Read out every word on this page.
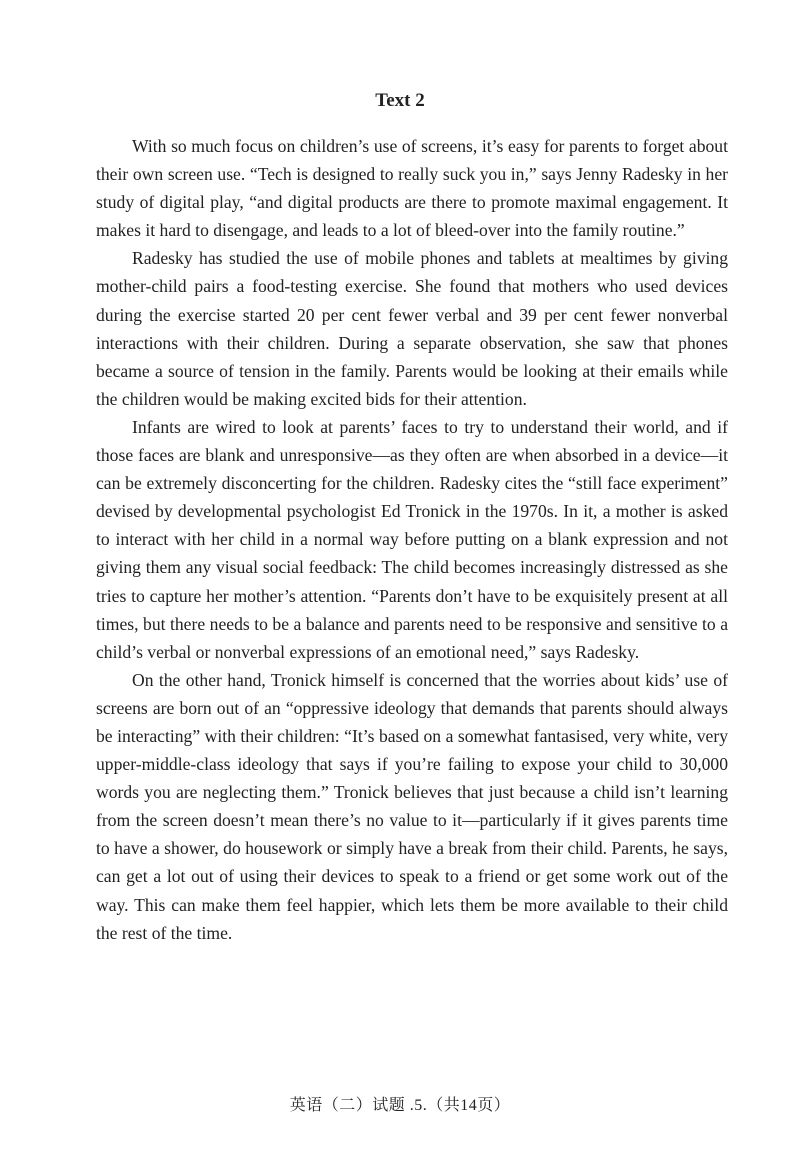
Text 2

With so much focus on children’s use of screens, it’s easy for parents to forget about their own screen use. “Tech is designed to really suck you in,” says Jenny Radesky in her study of digital play, “and digital products are there to promote maximal engagement. It makes it hard to disengage, and leads to a lot of bleed-over into the family routine.”

Radesky has studied the use of mobile phones and tablets at mealtimes by giving mother-child pairs a food-testing exercise. She found that mothers who used devices during the exercise started 20 per cent fewer verbal and 39 per cent fewer nonverbal interactions with their children. During a separate observation, she saw that phones became a source of tension in the family. Parents would be looking at their emails while the children would be making excited bids for their attention.

Infants are wired to look at parents’ faces to try to understand their world, and if those faces are blank and unresponsive—as they often are when absorbed in a device—it can be extremely disconcerting for the children. Radesky cites the “still face experiment” devised by developmental psychologist Ed Tronick in the 1970s. In it, a mother is asked to interact with her child in a normal way before putting on a blank expression and not giving them any visual social feedback: The child becomes increasingly distressed as she tries to capture her mother’s attention. “Parents don’t have to be exquisitely present at all times, but there needs to be a balance and parents need to be responsive and sensitive to a child’s verbal or nonverbal expressions of an emotional need,” says Radesky.

On the other hand, Tronick himself is concerned that the worries about kids’ use of screens are born out of an “oppressive ideology that demands that parents should always be interacting” with their children: “It’s based on a somewhat fantasised, very white, very upper-middle-class ideology that says if you’re failing to expose your child to 30,000 words you are neglecting them.” Tronick believes that just because a child isn’t learning from the screen doesn’t mean there’s no value to it—particularly if it gives parents time to have a shower, do housework or simply have a break from their child. Parents, he says, can get a lot out of using their devices to speak to a friend or get some work out of the way. This can make them feel happier, which lets them be more available to their child the rest of the time.

英语（二）试题 .5.（共14页）
